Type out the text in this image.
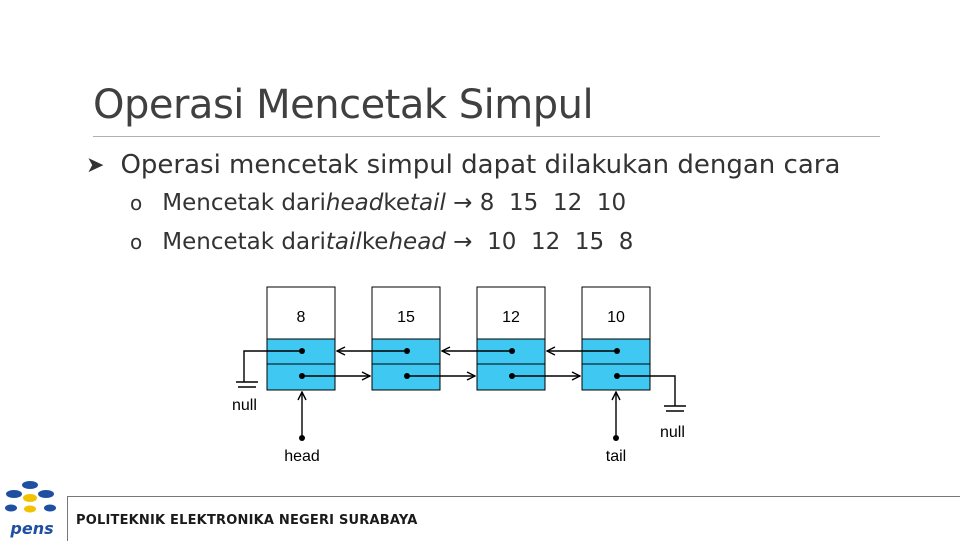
Operasi Mencetak Simpul
➤ Operasi mencetak simpul dapat dilakukan dengan cara
o Mencetak dari head ke tail → 8  15  12  10
o Mencetak dari tail ke head → 10  12  15  8
8	15	12	10
null
null
head	tail
POLITEKNIK ELEKTRONIKA NEGERI SURABAYA
pens
